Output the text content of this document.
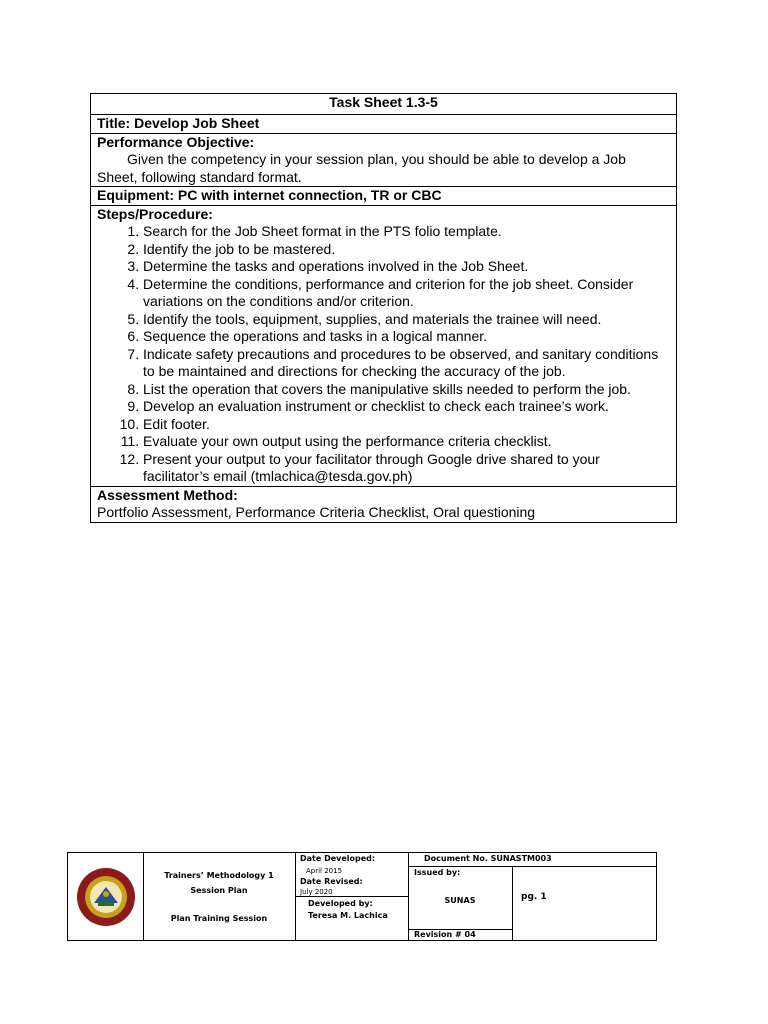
Task Sheet 1.3-5
Title: Develop Job Sheet

Performance Objective:
Given the competency in your session plan, you should be able to develop a Job Sheet, following standard format.

Equipment: PC with internet connection, TR or CBC

Steps/Procedure:
1. Search for the Job Sheet format in the PTS folio template.
2. Identify the job to be mastered.
3. Determine the tasks and operations involved in the Job Sheet.
4. Determine the conditions, performance and criterion for the job sheet. Consider variations on the conditions and/or criterion.
5. Identify the tools, equipment, supplies, and materials the trainee will need.
6. Sequence the operations and tasks in a logical manner.
7. Indicate safety precautions and procedures to be observed, and sanitary conditions to be maintained and directions for checking the accuracy of the job.
8. List the operation that covers the manipulative skills needed to perform the job.
9. Develop an evaluation instrument or checklist to check each trainee’s work.
10. Edit footer.
11. Evaluate your own output using the performance criteria checklist.
12. Present your output to your facilitator through Google drive shared to your facilitator’s email (tmlachica@tesda.gov.ph)

Assessment Method:
Portfolio Assessment, Performance Criteria Checklist, Oral questioning
Trainers’ Methodology 1
Session Plan
Plan Training Session
Date Developed:
April 2015
Date Revised:
July 2020
Developed by:
Teresa M. Lachica
Document No. SUNASTM003
Issued by:
SUNAS
Revision # 04
pg. 1
